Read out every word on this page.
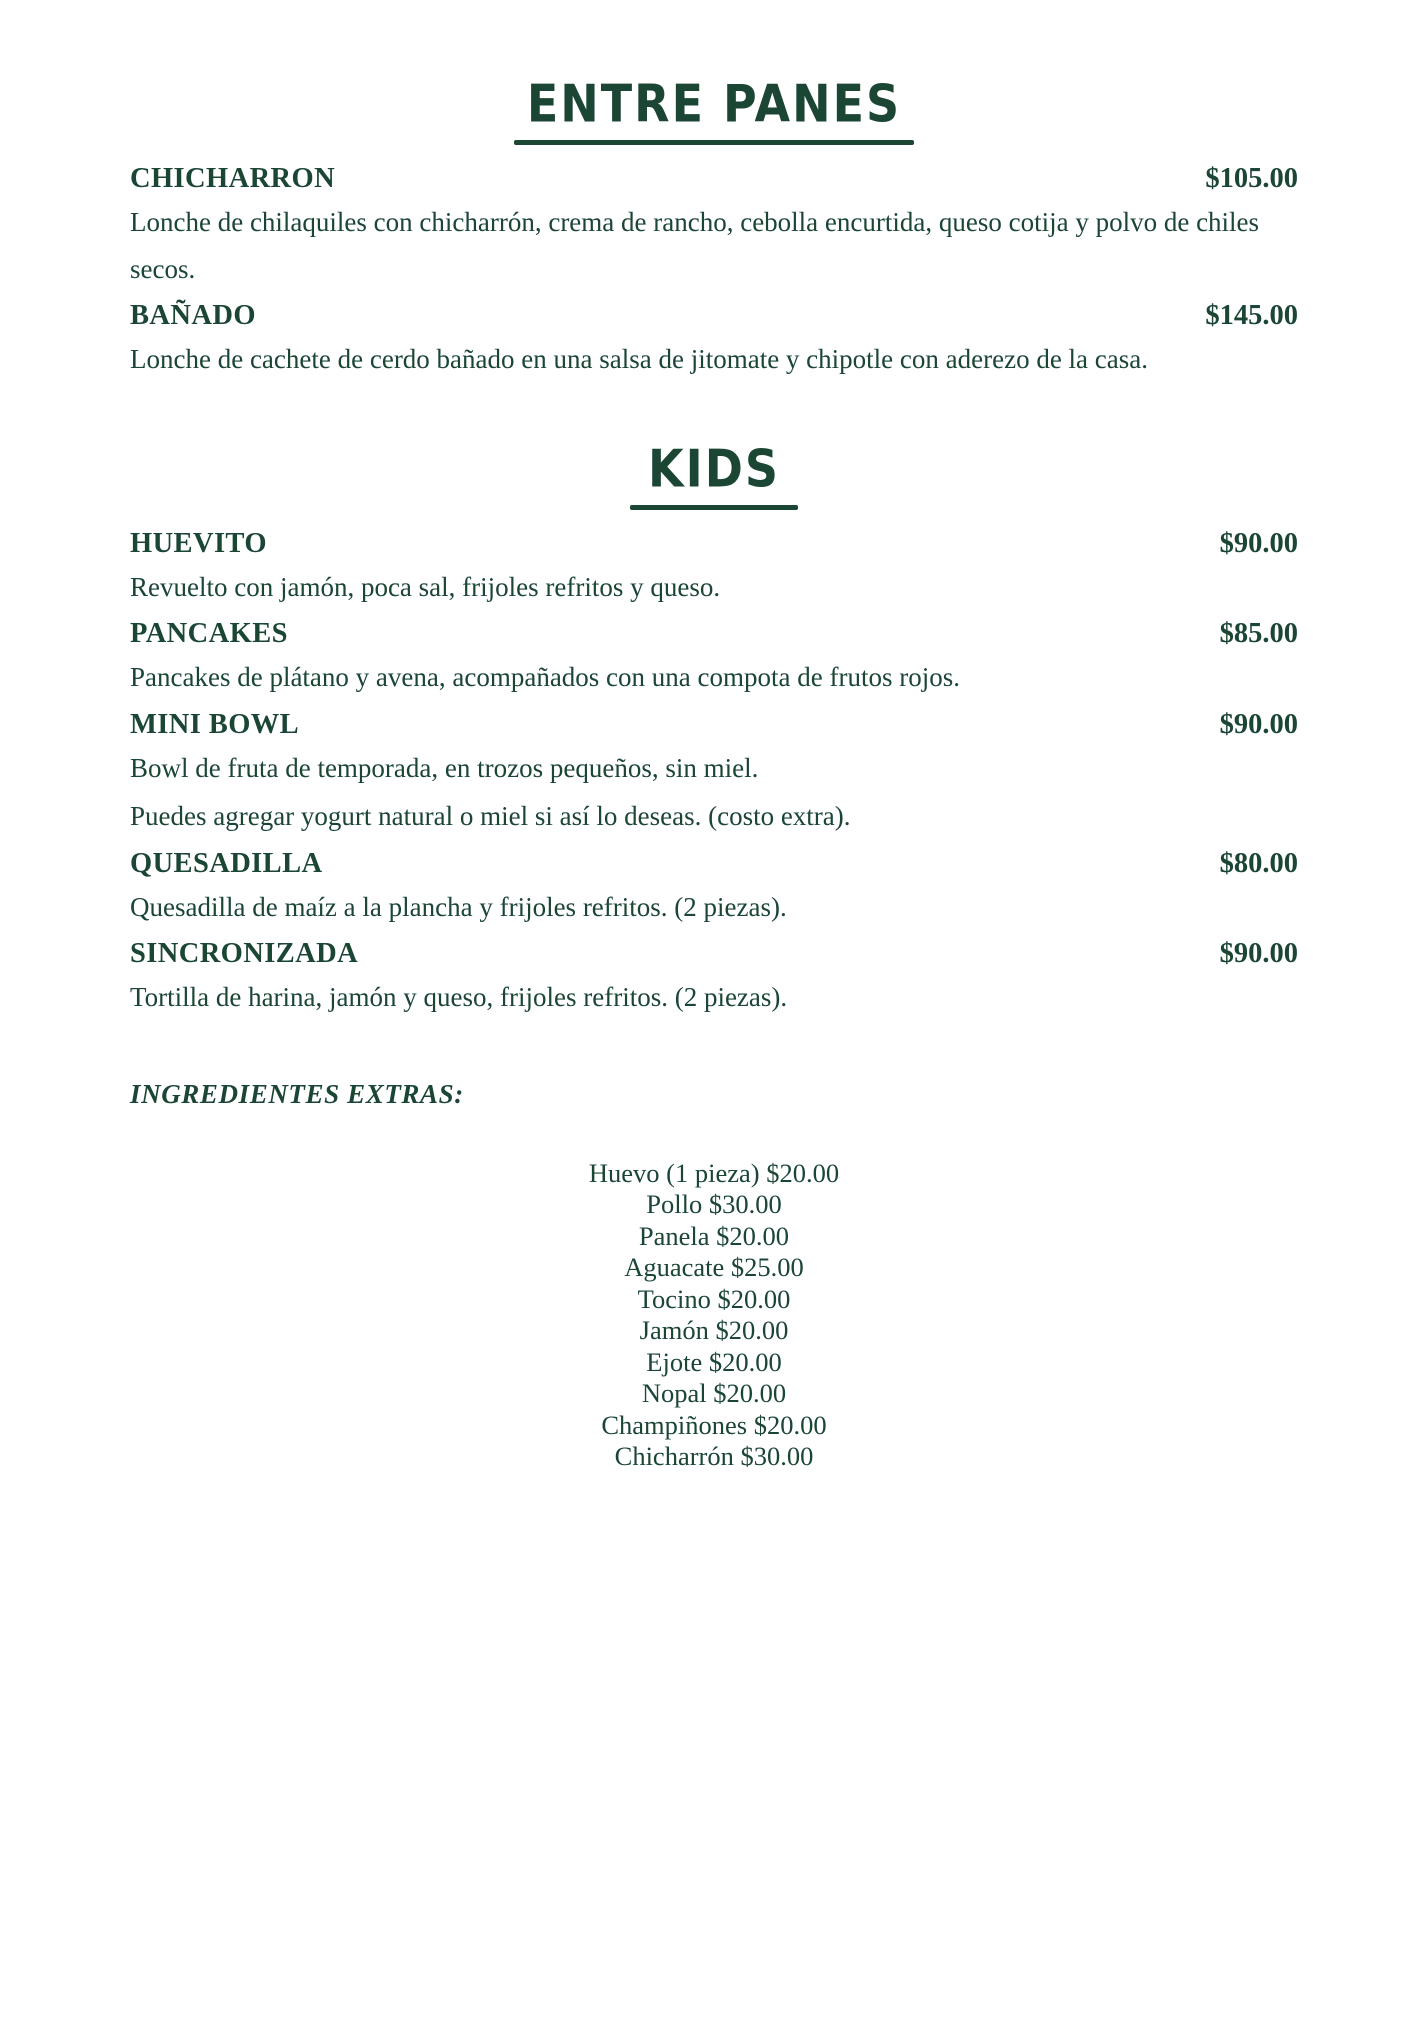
ENTRE PANES
CHICHARRON	$105.00

Lonche de chilaquiles con chicharrón, crema de rancho, cebolla encurtida, queso cotija y polvo de chiles secos.

BAÑADO	$145.00

Lonche de cachete de cerdo bañado en una salsa de jitomate y chipotle con aderezo de la casa.

KIDS
HUEVITO	$90.00

Revuelto con jamón, poca sal, frijoles refritos y queso.

PANCAKES	$85.00

Pancakes de plátano y avena, acompañados con una compota de frutos rojos.

MINI BOWL	$90.00

Bowl de fruta de temporada, en trozos pequeños, sin miel.

Puedes agregar yogurt natural o miel si así lo deseas. (costo extra).

QUESADILLA	$80.00

Quesadilla de maíz a la plancha y frijoles refritos. (2 piezas).

SINCRONIZADA	$90.00

Tortilla de harina, jamón y queso, frijoles refritos. (2 piezas).

INGREDIENTES EXTRAS:
Huevo (1 pieza) $20.00
Pollo $30.00
Panela $20.00
Aguacate $25.00
Tocino $20.00
Jamón $20.00
Ejote $20.00
Nopal $20.00
Champiñones $20.00
Chicharrón $30.00
